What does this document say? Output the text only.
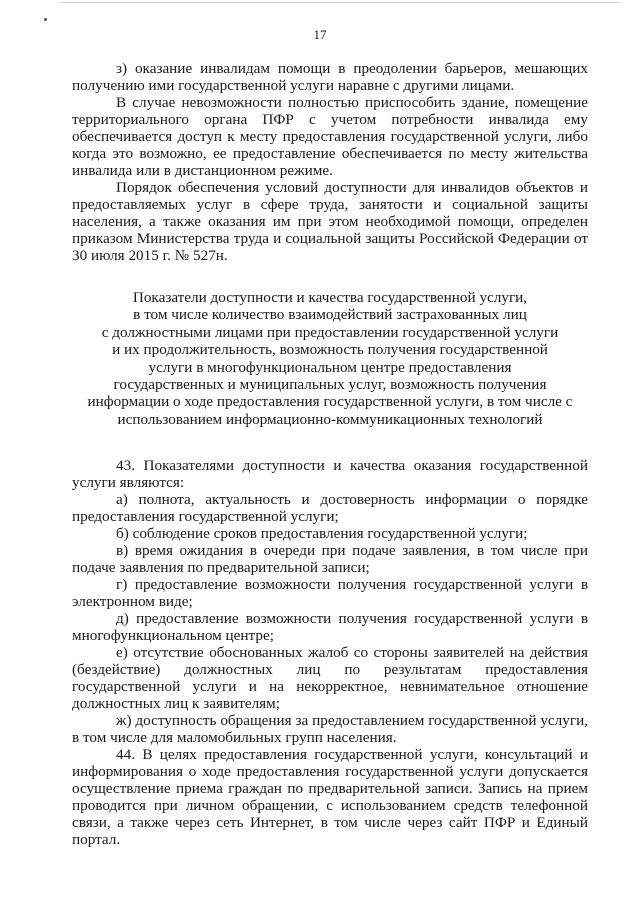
17

з) оказание инвалидам помощи в преодолении барьеров, мешающих получению ими государственной услуги наравне с другими лицами.

В случае невозможности полностью приспособить здание, помещение территориального органа ПФР с учетом потребности инвалида ему обеспечивается доступ к месту предоставления государственной услуги, либо когда это возможно, ее предоставление обеспечивается по месту жительства инвалида или в дистанционном режиме.

Порядок обеспечения условий доступности для инвалидов объектов и предоставляемых услуг в сфере труда, занятости и социальной защиты населения, а также оказания им при этом необходимой помощи, определен приказом Министерства труда и социальной защиты Российской Федерации от 30 июля 2015 г. № 527н.

Показатели доступности и качества государственной услуги,
в том числе количество взаимодействий застрахованных лиц
с должностными лицами при предоставлении государственной услуги
и их продолжительность, возможность получения государственной
услуги в многофункциональном центре предоставления
государственных и муниципальных услуг, возможность получения
информации о ходе предоставления государственной услуги, в том числе с
использованием информационно-коммуникационных технологий

43. Показателями доступности и качества оказания государственной услуги являются:

а) полнота, актуальность и достоверность информации о порядке предоставления государственной услуги;

б) соблюдение сроков предоставления государственной услуги;

в) время ожидания в очереди при подаче заявления, в том числе при подаче заявления по предварительной записи;

г) предоставление возможности получения государственной услуги в электронном виде;

д) предоставление возможности получения государственной услуги в многофункциональном центре;

е) отсутствие обоснованных жалоб со стороны заявителей на действия (бездействие) должностных лиц по результатам предоставления государственной услуги и на некорректное, невнимательное отношение должностных лиц к заявителям;

ж) доступность обращения за предоставлением государственной услуги, в том числе для маломобильных групп населения.

44. В целях предоставления государственной услуги, консультаций и информирования о ходе предоставления государственной услуги допускается осуществление приема граждан по предварительной записи. Запись на прием проводится при личном обращении, с использованием средств телефонной связи, а также через сеть Интернет, в том числе через сайт ПФР и Единый портал.
